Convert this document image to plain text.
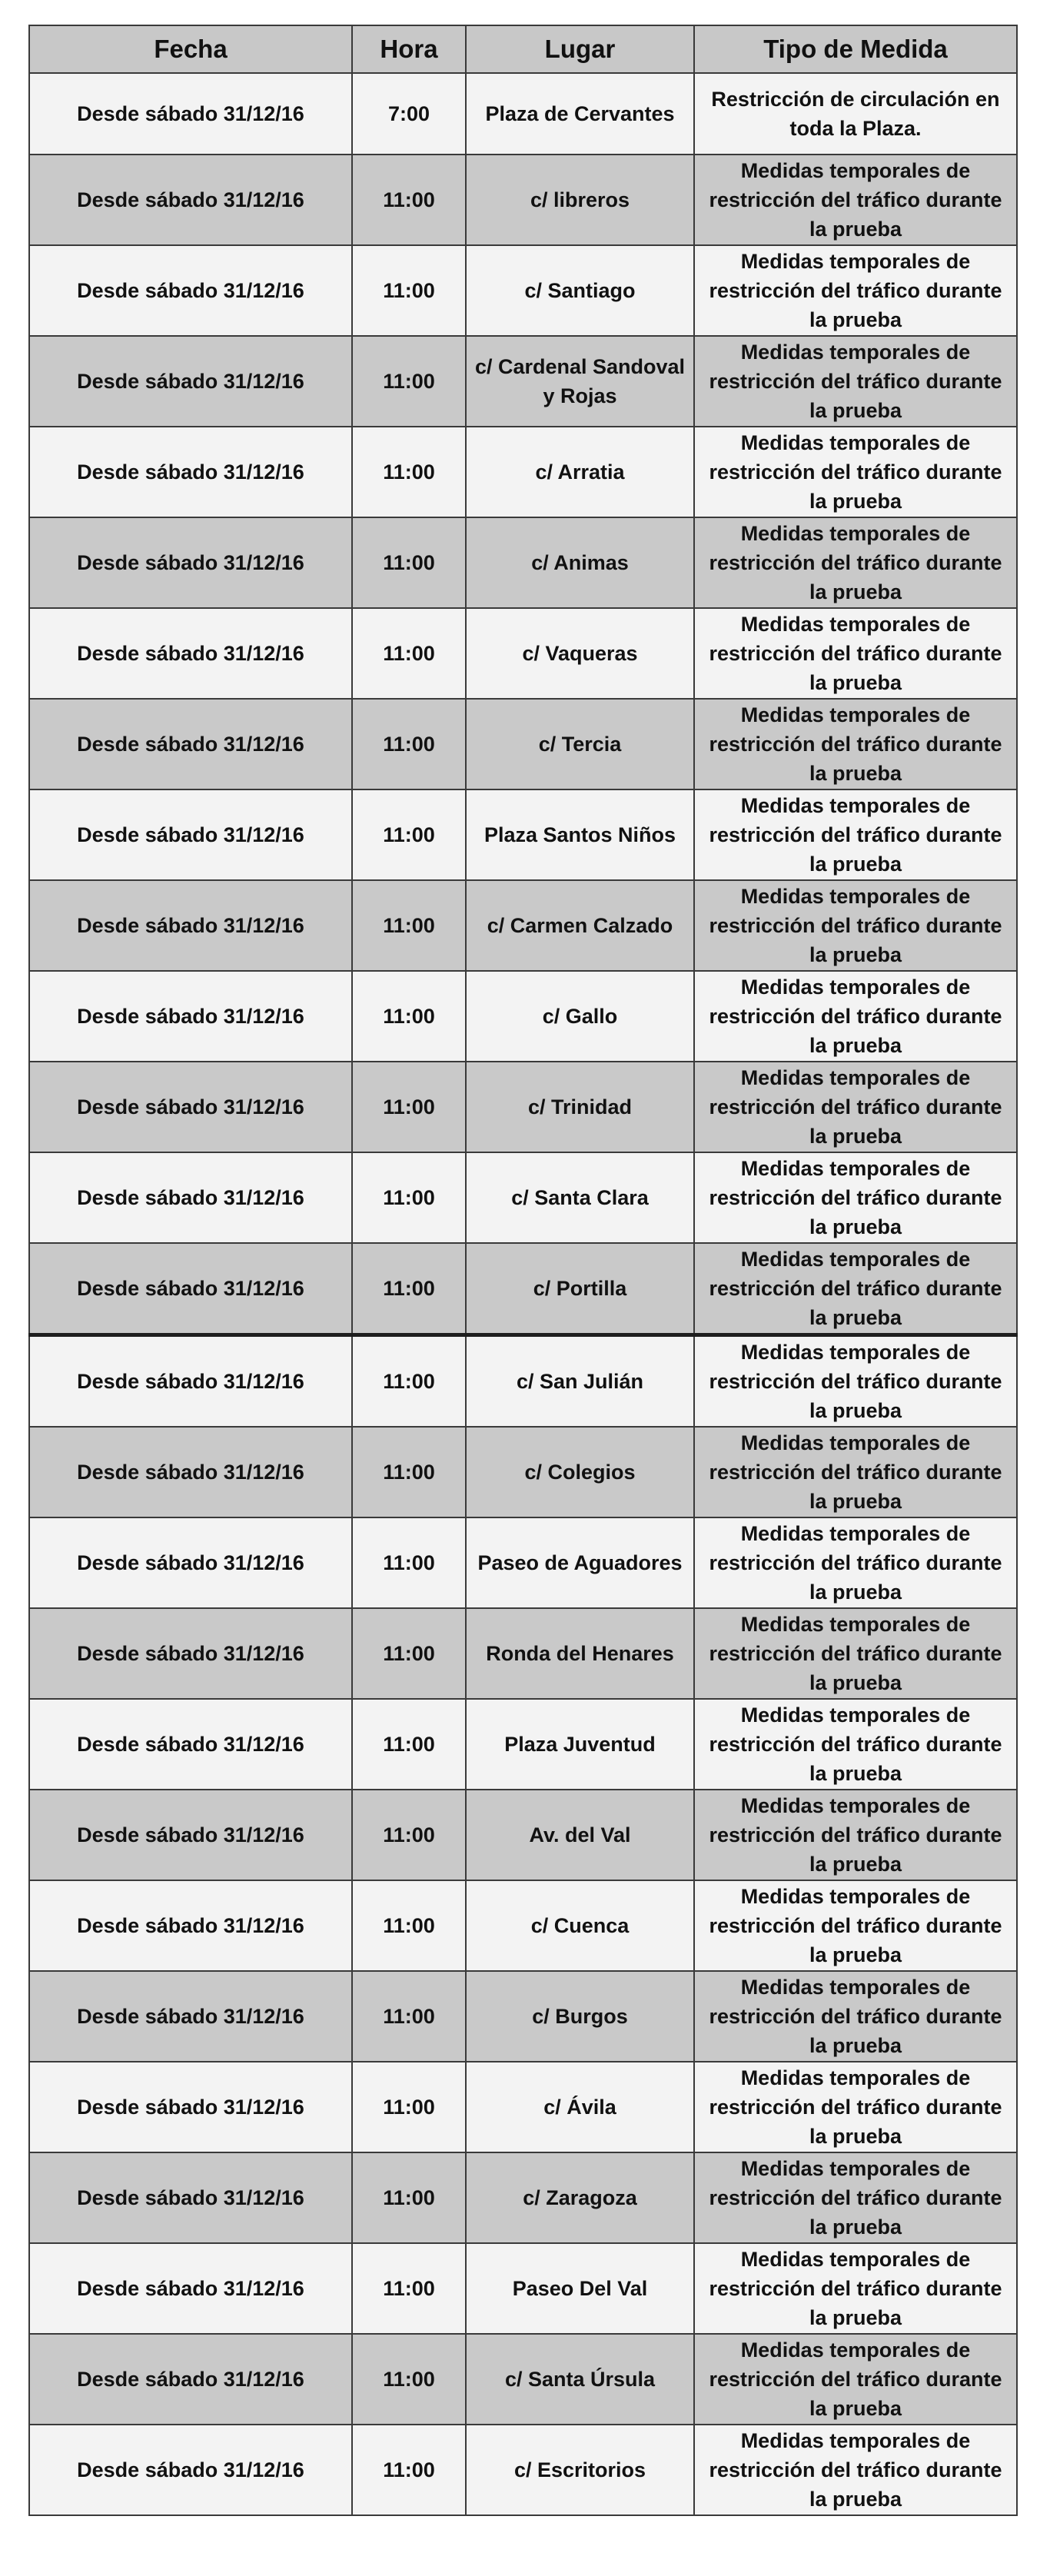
Fecha	Hora	Lugar	Tipo de Medida
Desde sábado 31/12/16	7:00	Plaza de Cervantes	Restricción de circulación en toda la Plaza.
Desde sábado 31/12/16	11:00	c/ libreros	Medidas temporales de restricción del tráfico durante la prueba
Desde sábado 31/12/16	11:00	c/ Santiago	Medidas temporales de restricción del tráfico durante la prueba
Desde sábado 31/12/16	11:00	c/ Cardenal Sandoval y Rojas	Medidas temporales de restricción del tráfico durante la prueba
Desde sábado 31/12/16	11:00	c/ Arratia	Medidas temporales de restricción del tráfico durante la prueba
Desde sábado 31/12/16	11:00	c/ Animas	Medidas temporales de restricción del tráfico durante la prueba
Desde sábado 31/12/16	11:00	c/ Vaqueras	Medidas temporales de restricción del tráfico durante la prueba
Desde sábado 31/12/16	11:00	c/ Tercia	Medidas temporales de restricción del tráfico durante la prueba
Desde sábado 31/12/16	11:00	Plaza Santos Niños	Medidas temporales de restricción del tráfico durante la prueba
Desde sábado 31/12/16	11:00	c/ Carmen Calzado	Medidas temporales de restricción del tráfico durante la prueba
Desde sábado 31/12/16	11:00	c/ Gallo	Medidas temporales de restricción del tráfico durante la prueba
Desde sábado 31/12/16	11:00	c/ Trinidad	Medidas temporales de restricción del tráfico durante la prueba
Desde sábado 31/12/16	11:00	c/ Santa Clara	Medidas temporales de restricción del tráfico durante la prueba
Desde sábado 31/12/16	11:00	c/ Portilla	Medidas temporales de restricción del tráfico durante la prueba
Desde sábado 31/12/16	11:00	c/ San Julián	Medidas temporales de restricción del tráfico durante la prueba
Desde sábado 31/12/16	11:00	c/ Colegios	Medidas temporales de restricción del tráfico durante la prueba
Desde sábado 31/12/16	11:00	Paseo de Aguadores	Medidas temporales de restricción del tráfico durante la prueba
Desde sábado 31/12/16	11:00	Ronda del Henares	Medidas temporales de restricción del tráfico durante la prueba
Desde sábado 31/12/16	11:00	Plaza Juventud	Medidas temporales de restricción del tráfico durante la prueba
Desde sábado 31/12/16	11:00	Av. del Val	Medidas temporales de restricción del tráfico durante la prueba
Desde sábado 31/12/16	11:00	c/ Cuenca	Medidas temporales de restricción del tráfico durante la prueba
Desde sábado 31/12/16	11:00	c/ Burgos	Medidas temporales de restricción del tráfico durante la prueba
Desde sábado 31/12/16	11:00	c/ Ávila	Medidas temporales de restricción del tráfico durante la prueba
Desde sábado 31/12/16	11:00	c/ Zaragoza	Medidas temporales de restricción del tráfico durante la prueba
Desde sábado 31/12/16	11:00	Paseo Del Val	Medidas temporales de restricción del tráfico durante la prueba
Desde sábado 31/12/16	11:00	c/ Santa Úrsula	Medidas temporales de restricción del tráfico durante la prueba
Desde sábado 31/12/16	11:00	c/ Escritorios	Medidas temporales de restricción del tráfico durante la prueba
